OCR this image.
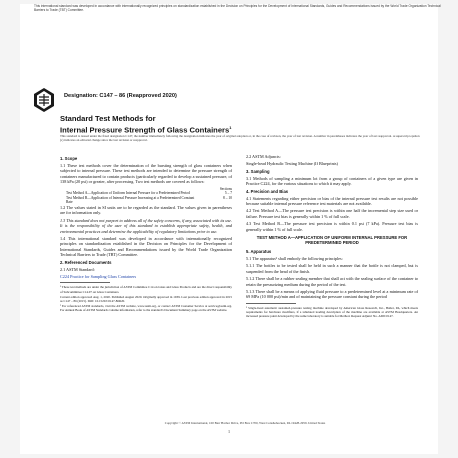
This international standard was developed in accordance with internationally recognized principles on standardization established in the Decision on Principles for the Development of International Standards, Guides and Recommendations issued by the World Trade Organization Technical Barriers to Trade (TBT) Committee.
Designation: C147 – 86 (Reapproved 2020)
Standard Test Methods for
Internal Pressure Strength of Glass Containers$^1$
This standard is issued under the fixed designation C147; the number immediately following the designation indicates the year of original adoption or, in the case of revision, the year of last revision. A number in parentheses indicates the year of last reapproval. A superscript epsilon (ε) indicates an editorial change since the last revision or reapproval.
1. Scope

1.1 These test methods cover the determination of the bursting strength of glass containers when subjected to internal pressure. These test methods are intended to determine the pressure strength of containers manufactured to contain products (particularly regarded to develop a sustained pressure, of 138 kPa (20 psi) or greater, after processing. Two test methods are covered as follows:

Sections
Test Method A—Application of Uniform Internal Pressure for a Predetermined Period	5 – 7
Test Method B—Application of Internal Pressure Increasing at a Predetermined Constant Rate
8 – 10

1.2 The values stated in SI units are to be regarded as the standard. The values given in parentheses are for information only.

1.3 This standard does not purport to address all of the safety concerns, if any, associated with its use. It is the responsibility of the user of this standard to establish appropriate safety, health, and environmental practices and determine the applicability of regulatory limitations prior to use.

1.4 This international standard was developed in accordance with internationally recognized principles on standardization established in the Decision on Principles for the Development of International Standards, Guides and Recommendations issued by the World Trade Organization Technical Barriers to Trade (TBT) Committee.

2. Referenced Documents

2.1 ASTM Standard:

C224 Practice for Sampling Glass Containers

¹ These test methods are under the jurisdiction of ASTM Committee C14 on Glass and Glass Products and are the direct responsibility of Subcommittee C14.07 on Glass Containers.

Current edition approved Aug. 1, 2020. Published August 2020. Originally approved in 1939. Last previous edition approved in 2015 as C147 – 86 (2015). DOI: 10.1520/C0147-86R20.

² For referenced ASTM standards, visit the ASTM website, www.astm.org, or contact ASTM Customer Service at service@astm.org. For Annual Book of ASTM Standards volume information, refer to the standard's Document Summary page on the ASTM website.

2.2 ASTM Adjuncts:

Single-head Hydraulic Testing Machine (If Blueprints)

3. Sampling

3.1 Methods of sampling a minimum lot from a group of containers of a given type are given in Practice C224, for the various situations to which it may apply.

4. Precision and Bias

4.1 Statements regarding either precision or bias of the internal pressure test results are not possible because suitable internal pressure reference test materials are not available.

4.2 Test Method A—The pressure test precision is within one half the incremental step size used or failure. Pressure test bias is generally within 1 % of full scale.

4.3 Test Method B—The pressure test precision is within 0.1 psi (7 kPa). Pressure test bias is generally within 1 % of full scale.

TEST METHOD A—APPLICATION OF UNIFORM INTERNAL PRESSURE FOR PREDETERMINED PERIOD
5. Apparatus

5.1 The apparatus³ shall embody the following principles:

5.1.1 The bottles to be tested shall be held in such a manner that the bottle is not clamped, but is suspended from the head of the finish.

5.1.2 There shall be a rubber sealing member that shall act with the sealing surface of the container to retain the pressurizing medium during the period of the test.

5.1.3 There shall be a means of applying fluid pressure to a predetermined level at a minimum rate of 69 MPa (10 000 psi)/min and of maintaining the pressure constant during the period

³ Single-head automatic sustained-pressure testing machine developed by American Glass Research, Inc., Butler, PA, which meets requirements for hardware modifiers, if a tabulated loading description of the machine are available at ASTM Headquarters. An increased pressure point developed by the same laboratory is suitable for Method. Request Adjunct No. ADJC0147.

Copyright © ASTM International, 100 Barr Harbor Drive, PO Box C700, West Conshohocken, PA 19428-2959. United States
1
